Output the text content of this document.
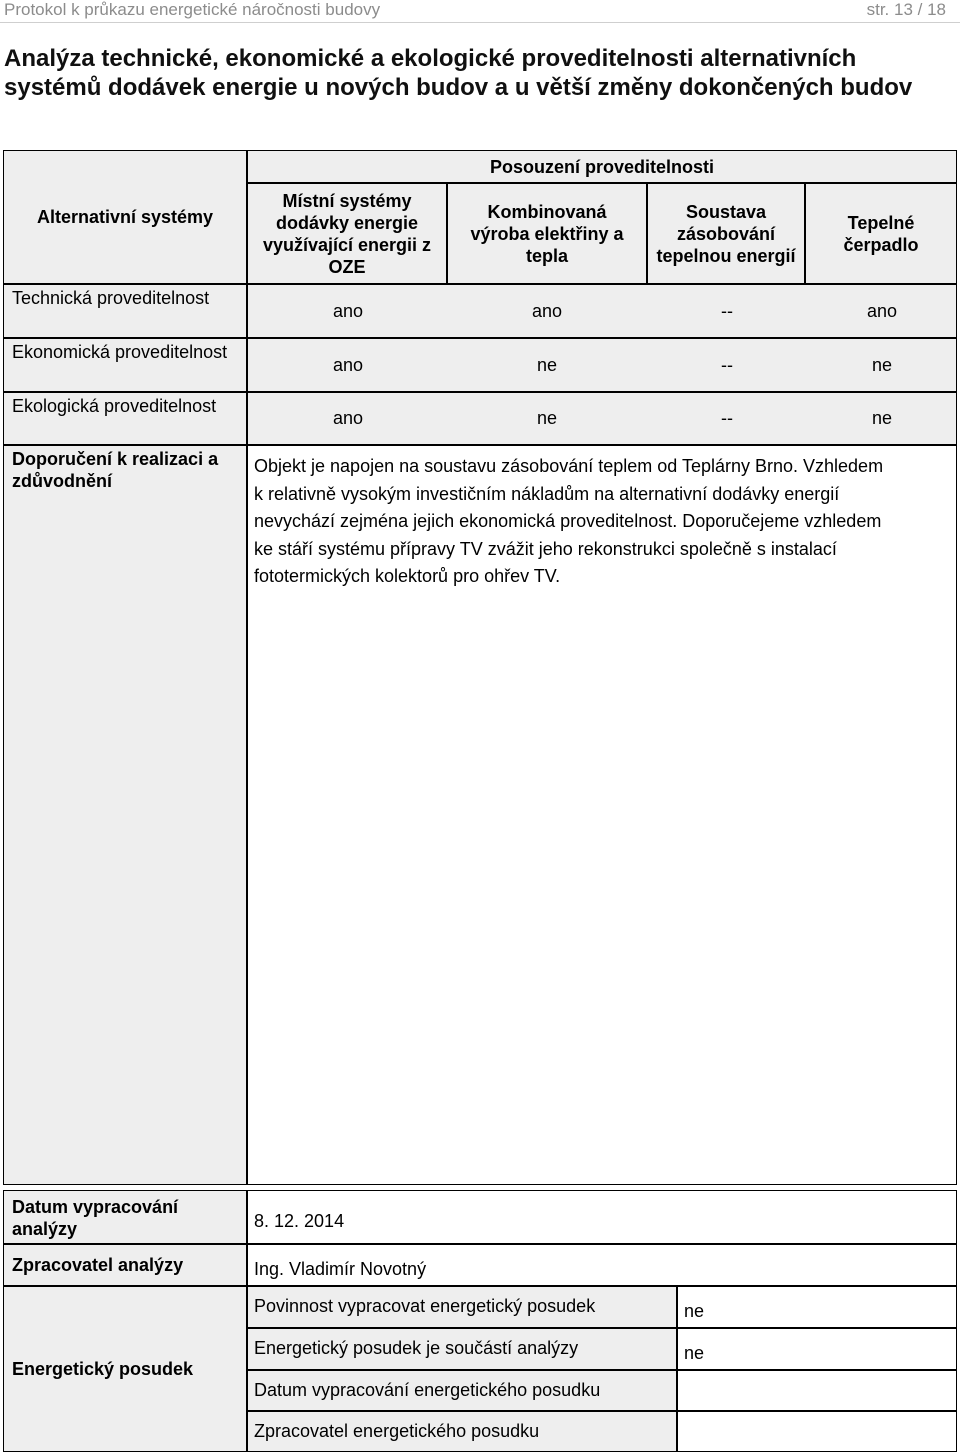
Protokol k průkazu energetické náročnosti budovy	str. 13 / 18
Analýza technické, ekonomické a ekologické proveditelnosti alternativních systémů dodávek energie u nových budov a u větší změny dokončených budov
Alternativní systémy
Posouzení proveditelnosti
Místní systémy dodávky energie využívající energii z OZE
Kombinovaná výroba elektřiny a tepla
Soustava zásobování tepelnou energií
Tepelné čerpadlo
Technická proveditelnost
ano	ano	--	ano
Ekonomická proveditelnost
ano	ne	--	ne
Ekologická proveditelnost
ano	ne	--	ne
Doporučení k realizaci a zdůvodnění
Objekt je napojen na soustavu zásobování teplem od Teplárny Brno. Vzhledem
k relativně vysokým investičním nákladům na alternativní dodávky energií
nevychází zejména jejich ekonomická proveditelnost. Doporučejeme vzhledem
ke stáří systému přípravy TV zvážit jeho rekonstrukci společně s instalací
fototermických kolektorů pro ohřev TV.
Datum vypracování analýzy	8. 12. 2014
Zpracovatel analýzy	Ing. Vladimír Novotný
Energetický posudek
Povinnost vypracovat energetický posudek	ne
Energetický posudek je součástí analýzy	ne
Datum vypracování energetického posudku
Zpracovatel energetického posudku
